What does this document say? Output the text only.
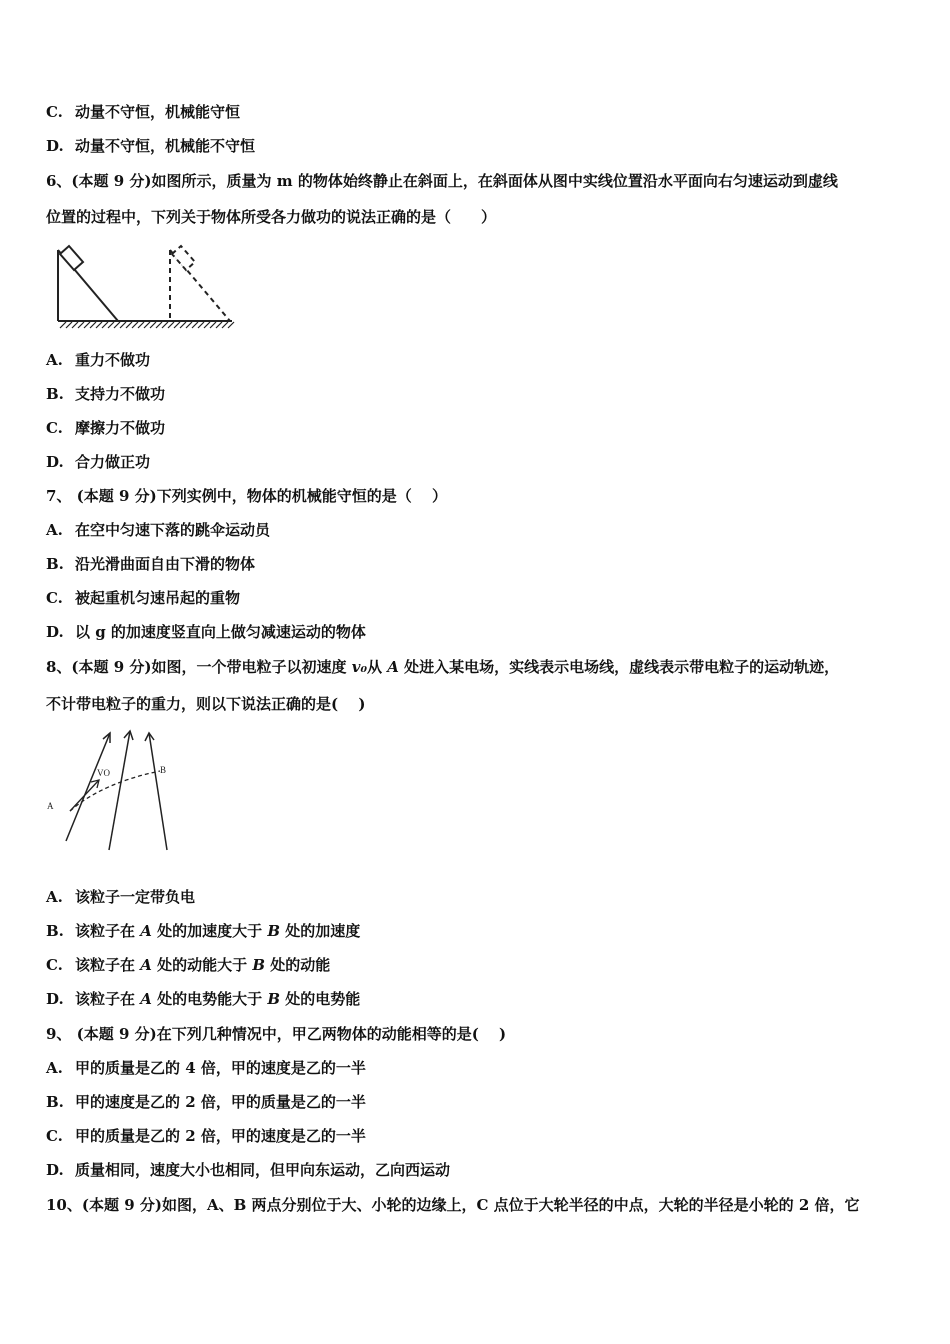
C. 动量不守恒，机械能守恒
D. 动量不守恒，机械能不守恒
6、(本题 9 分)如图所示，质量为 m 的物体始终静止在斜面上，在斜面体从图中实线位置沿水平面向右匀速运动到虚线
位置的过程中，下列关于物体所受各力做功的说法正确的是（　　）
A. 重力不做功
B. 支持力不做功
C. 摩擦力不做功
D. 合力做正功
7、 (本题 9 分)下列实例中，物体的机械能守恒的是（　 ）
A. 在空中匀速下落的跳伞运动员
B. 沿光滑曲面自由下滑的物体
C. 被起重机匀速吊起的重物
D. 以 g 的加速度竖直向上做匀减速运动的物体
8、(本题 9 分)如图，一个带电粒子以初速度 v₀从 A 处进入某电场，实线表示电场线，虚线表示带电粒子的运动轨迹，
不计带电粒子的重力，则以下说法正确的是(　 )
A
VO	B
A. 该粒子一定带负电
B. 该粒子在 A 处的加速度大于 B 处的加速度
C. 该粒子在 A 处的动能大于 B 处的动能
D. 该粒子在 A 处的电势能大于 B 处的电势能
9、 (本题 9 分)在下列几种情况中，甲乙两物体的动能相等的是(　 )
A. 甲的质量是乙的 4 倍，甲的速度是乙的一半
B. 甲的速度是乙的 2 倍，甲的质量是乙的一半
C. 甲的质量是乙的 2 倍，甲的速度是乙的一半
D. 质量相同，速度大小也相同，但甲向东运动，乙向西运动
10、(本题 9 分)如图，A、B 两点分别位于大、小轮的边缘上，C 点位于大轮半径的中点，大轮的半径是小轮的 2 倍，它
